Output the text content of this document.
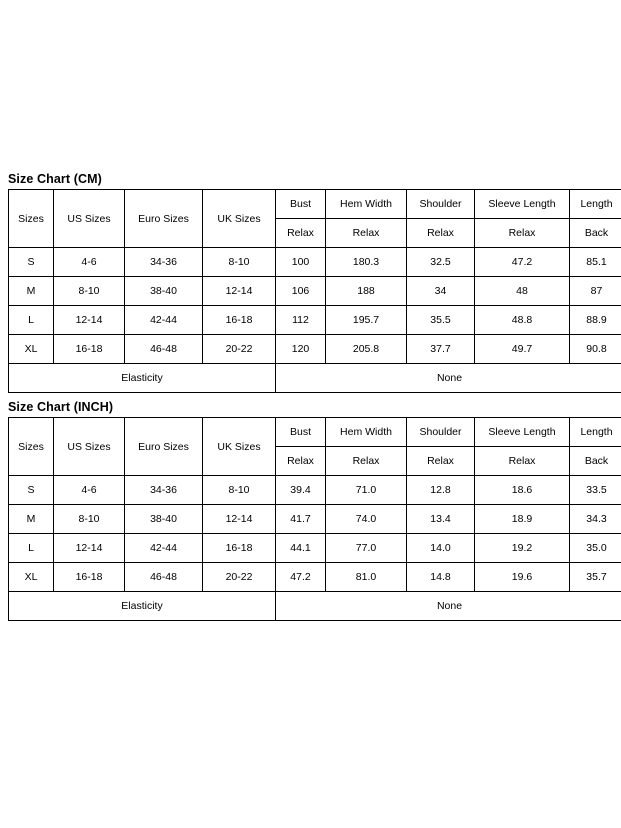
Size Chart (CM)
Sizes	US Sizes	Euro Sizes	UK Sizes	Bust	Hem Width	Shoulder	Sleeve Length	Length
				Relax	Relax	Relax	Relax	Back
S	4-6	34-36	8-10	100	180.3	32.5	47.2	85.1
M	8-10	38-40	12-14	106	188	34	48	87
L	12-14	42-44	16-18	112	195.7	35.5	48.8	88.9
XL	16-18	46-48	20-22	120	205.8	37.7	49.7	90.8
Elasticity				None				
Size Chart (INCH)
Sizes	US Sizes	Euro Sizes	UK Sizes	Bust	Hem Width	Shoulder	Sleeve Length	Length
				Relax	Relax	Relax	Relax	Back
S	4-6	34-36	8-10	39.4	71.0	12.8	18.6	33.5
M	8-10	38-40	12-14	41.7	74.0	13.4	18.9	34.3
L	12-14	42-44	16-18	44.1	77.0	14.0	19.2	35.0
XL	16-18	46-48	20-22	47.2	81.0	14.8	19.6	35.7
Elasticity				None				
